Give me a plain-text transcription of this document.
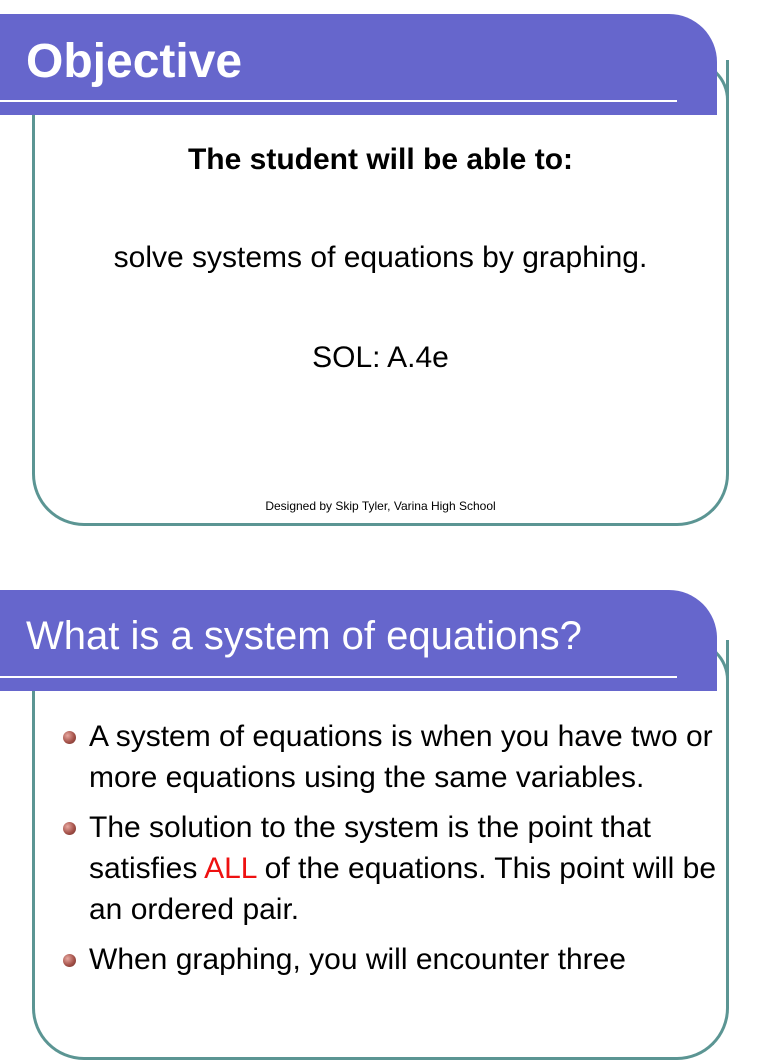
Objective
The student will be able to:
solve systems of equations by graphing.
SOL: A.4e
Designed by Skip Tyler, Varina High School
What is a system of equations?
A system of equations is when you have two or more equations using the same variables.
The solution to the system is the point that satisfies ALL of the equations. This point will be an ordered pair.
When graphing, you will encounter three
